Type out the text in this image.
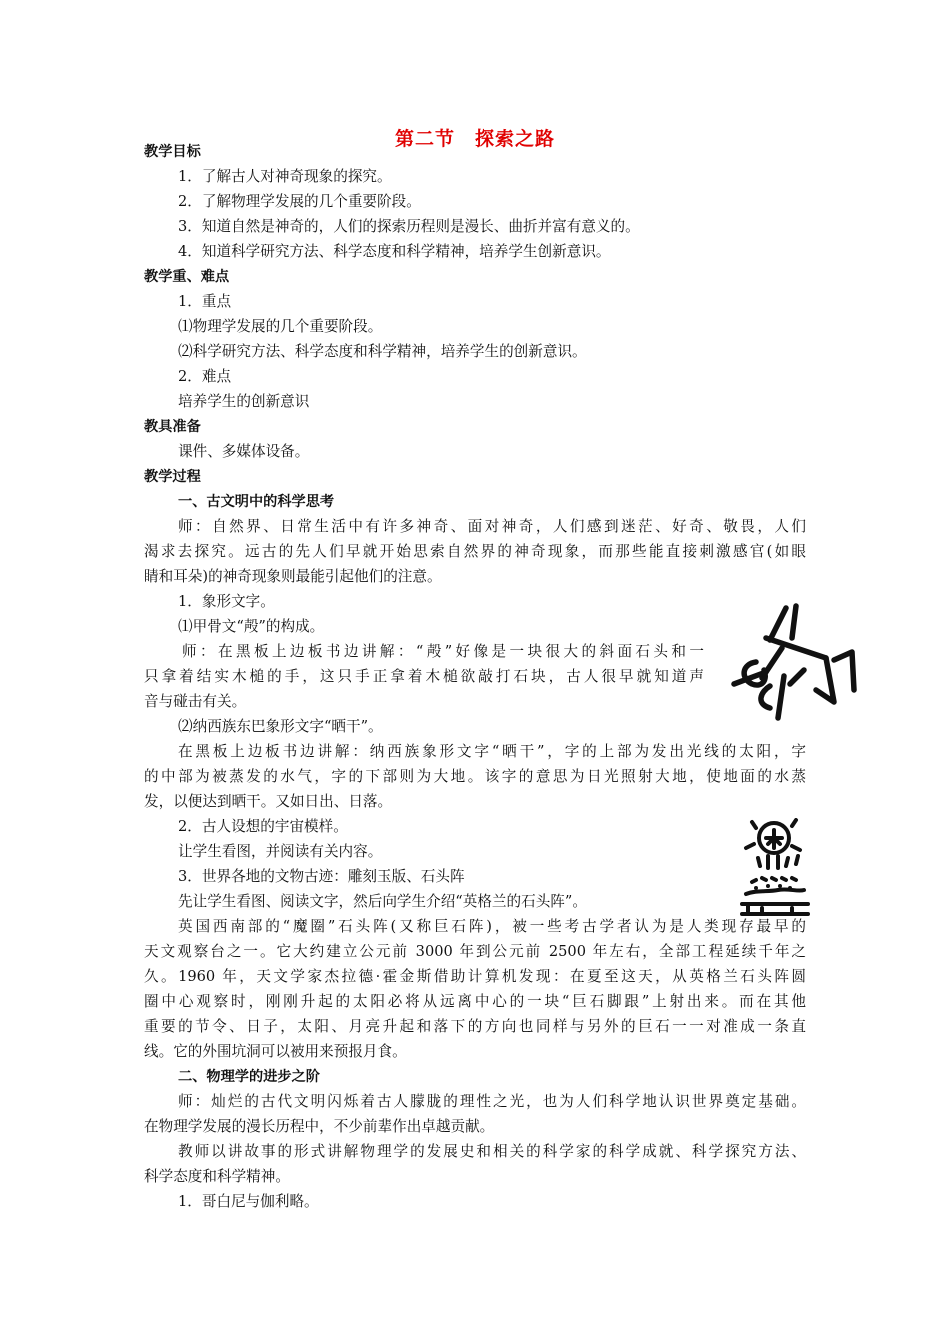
第二节　探索之路
教学目标
1．了解古人对神奇现象的探究。
2．了解物理学发展的几个重要阶段。
3．知道自然是神奇的，人们的探索历程则是漫长、曲折并富有意义的。
4．知道科学研究方法、科学态度和科学精神，培养学生创新意识。
教学重、难点
1．重点
⑴物理学发展的几个重要阶段。
⑵科学研究方法、科学态度和科学精神，培养学生的创新意识。
2．难点
培养学生的创新意识
教具准备
课件、多媒体设备。
教学过程
一、古文明中的科学思考
师：自然界、日常生活中有许多神奇、面对神奇，人们感到迷茫、好奇、敬畏，人们
渴求去探究。远古的先人们早就开始思索自然界的神奇现象，而那些能直接刺激感官(如眼
睛和耳朵)的神奇现象则最能引起他们的注意。
1．象形文字。
⑴甲骨文“殸”的构成。
师：在黑板上边板书边讲解：“殸”好像是一块很大的斜面石头和一
只拿着结实木槌的手，这只手正拿着木槌欲敲打石块，古人很早就知道声
音与碰击有关。
⑵纳西族东巴象形文字“晒干”。
在黑板上边板书边讲解：纳西族象形文字“晒干”，字的上部为发出光线的太阳，字
的中部为被蒸发的水气，字的下部则为大地。该字的意思为日光照射大地，使地面的水蒸
发，以便达到晒干。又如日出、日落。
2．古人设想的宇宙模样。
让学生看图，并阅读有关内容。
3．世界各地的文物古迹：雕刻玉版、石头阵
先让学生看图、阅读文字，然后向学生介绍“英格兰的石头阵”。
英国西南部的“魔圈”石头阵(又称巨石阵)，被一些考古学者认为是人类现存最早的
天文观察台之一。它大约建立公元前 3000 年到公元前 2500 年左右，全部工程延续千年之
久。1960 年，天文学家杰拉德·霍金斯借助计算机发现：在夏至这天，从英格兰石头阵圆
圈中心观察时，刚刚升起的太阳必将从远离中心的一块“巨石脚跟”上射出来。而在其他
重要的节令、日子，太阳、月亮升起和落下的方向也同样与另外的巨石一一对准成一条直
线。它的外围坑洞可以被用来预报月食。
二、物理学的进步之阶
师：灿烂的古代文明闪烁着古人朦胧的理性之光，也为人们科学地认识世界奠定基础。
在物理学发展的漫长历程中，不少前辈作出卓越贡献。
教师以讲故事的形式讲解物理学的发展史和相关的科学家的科学成就、科学探究方法、
科学态度和科学精神。
1．哥白尼与伽利略。
